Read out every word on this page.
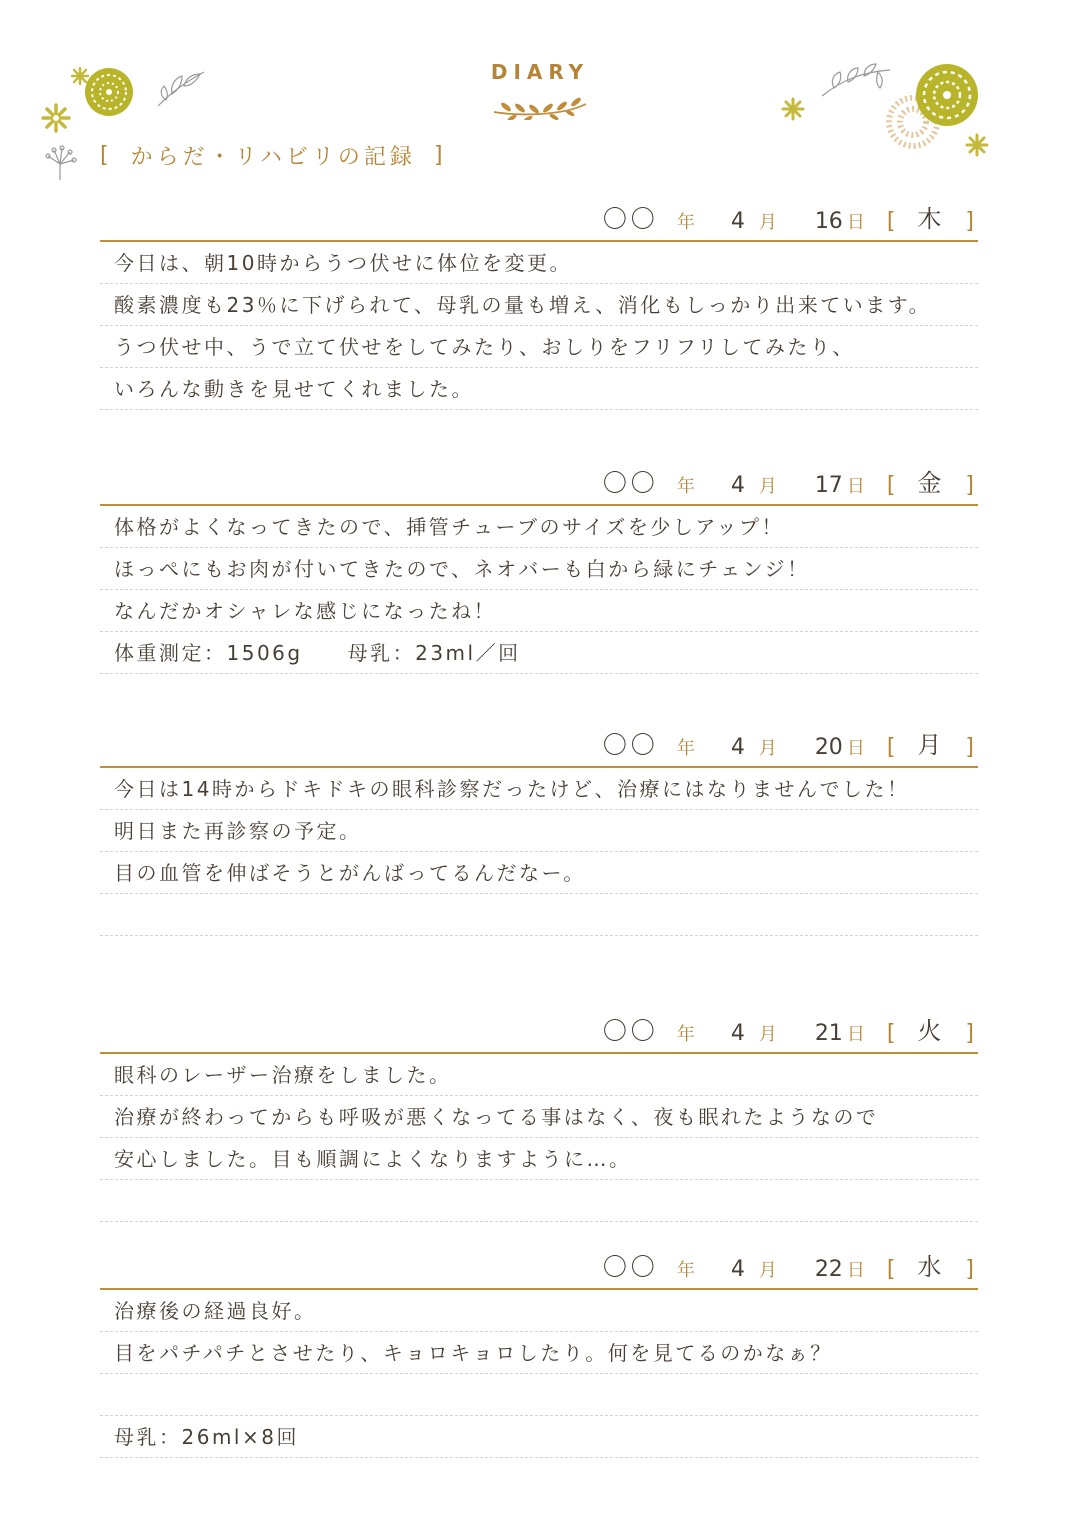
DIARY
[ からだ・リハビリの記録 ]
〇〇 年 4 月 16 日 [ 木 ]
今日は、朝10時からうつ伏せに体位を変更。
酸素濃度も23％に下げられて、母乳の量も増え、消化もしっかり出来ています。
うつ伏せ中、うで立て伏せをしてみたり、おしりをフリフリしてみたり、
いろんな動きを見せてくれました。
〇〇 年 4 月 17 日 [ 金 ]
体格がよくなってきたので、挿管チューブのサイズを少しアップ！
ほっぺにもお肉が付いてきたので、ネオバーも白から緑にチェンジ！
なんだかオシャレな感じになったね！
体重測定：1506g　　母乳：23ml／回
〇〇 年 4 月 20 日 [ 月 ]
今日は14時からドキドキの眼科診察だったけど、治療にはなりませんでした！
明日また再診察の予定。
目の血管を伸ばそうとがんばってるんだなー。
〇〇 年 4 月 21 日 [ 火 ]
眼科のレーザー治療をしました。
治療が終わってからも呼吸が悪くなってる事はなく、夜も眠れたようなので
安心しました。目も順調によくなりますように…。
〇〇 年 4 月 22 日 [ 水 ]
治療後の経過良好。
目をパチパチとさせたり、キョロキョロしたり。何を見てるのかなぁ？
母乳：26ml×8回
